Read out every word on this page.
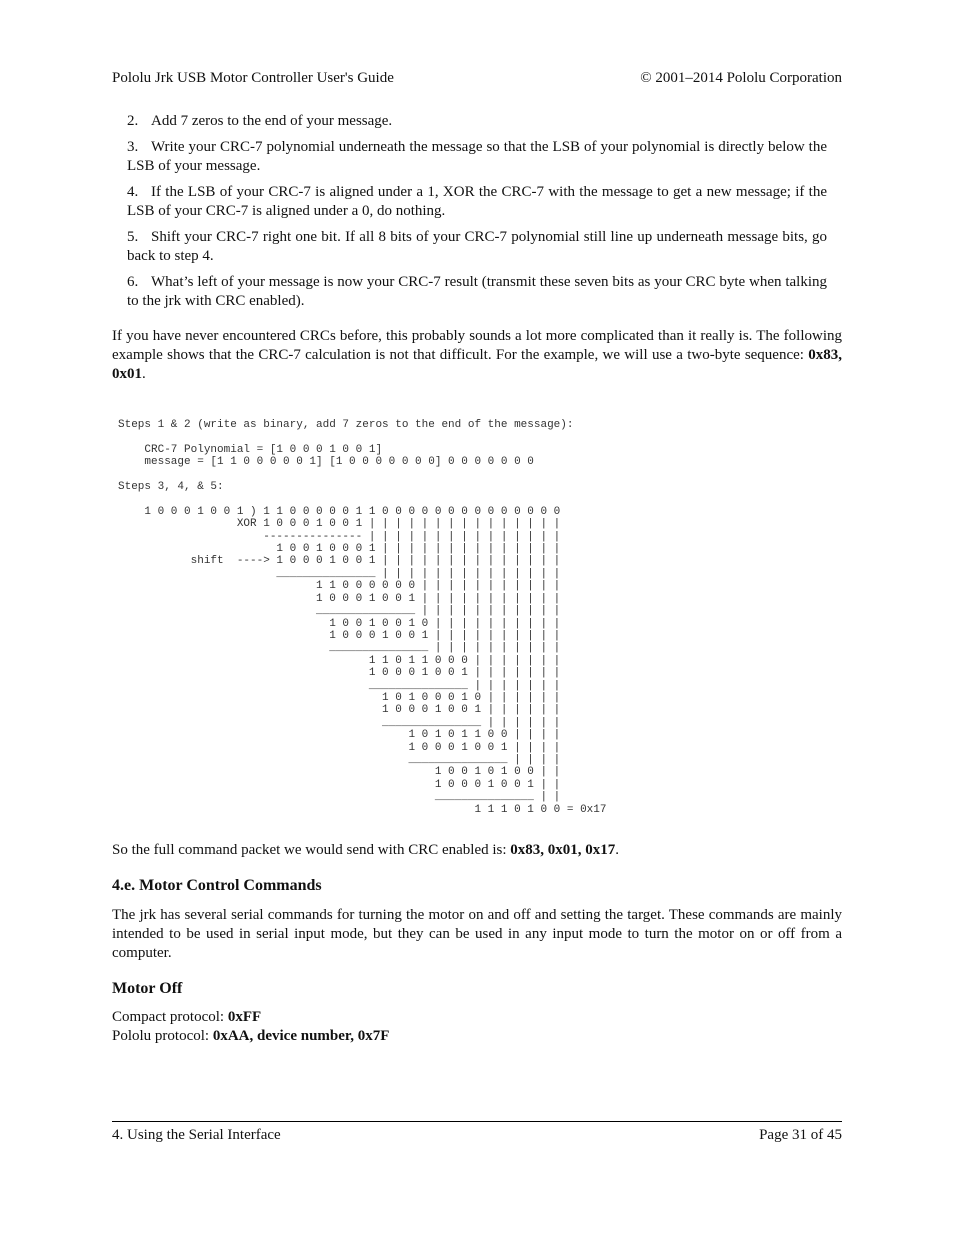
Pololu Jrk USB Motor Controller User's Guide	© 2001–2014 Pololu Corporation

2. Add 7 zeros to the end of your message.

3. Write your CRC-7 polynomial underneath the message so that the LSB of your polynomial is directly below the LSB of your message.

4. If the LSB of your CRC-7 is aligned under a 1, XOR the CRC-7 with the message to get a new message; if the LSB of your CRC-7 is aligned under a 0, do nothing.

5. Shift your CRC-7 right one bit. If all 8 bits of your CRC-7 polynomial still line up underneath message bits, go back to step 4.

6. What’s left of your message is now your CRC-7 result (transmit these seven bits as your CRC byte when talking to the jrk with CRC enabled).

If you have never encountered CRCs before, this probably sounds a lot more complicated than it really is. The following example shows that the CRC-7 calculation is not that difficult. For the example, we will use a two-byte sequence: 0x83, 0x01.

Steps 1 & 2 (write as binary, add 7 zeros to the end of the message):

CRC-7 Polynomial = [1 0 0 0 1 0 0 1]
message = [1 1 0 0 0 0 0 1] [1 0 0 0 0 0 0 0] 0 0 0 0 0 0 0

Steps 3, 4, & 5:

1 0 0 0 1 0 0 1 ) 1 1 0 0 0 0 0 1 1 0 0 0 0 0 0 0 0 0 0 0 0 0 0
XOR 1 0 0 0 1 0 0 1 | | | | | | | | | | | | | | |
--------------- | | | | | | | | | | | | | | |
1 0 0 1 0 0 0 1 | | | | | | | | | | | | | |
shift  ----> 1 0 0 0 1 0 0 1 | | | | | | | | | | | | | |
_______________ | | | | | | | | | | | | | |
1 1 0 0 0 0 0 0 | | | | | | | | | | |
1 0 0 0 1 0 0 1 | | | | | | | | | | |
_______________ | | | | | | | | | | |
1 0 0 1 0 0 1 0 | | | | | | | | | |
1 0 0 0 1 0 0 1 | | | | | | | | | |
_______________ | | | | | | | | | |
1 1 0 1 1 0 0 0 | | | | | | |
1 0 0 0 1 0 0 1 | | | | | | |
_______________ | | | | | | |
1 0 1 0 0 0 1 0 | | | | | |
1 0 0 0 1 0 0 1 | | | | | |
_______________ | | | | | |
1 0 1 0 1 1 0 0 | | | |
1 0 0 0 1 0 0 1 | | | |
_______________ | | | |
1 0 0 1 0 1 0 0 | |
1 0 0 0 1 0 0 1 | |
_______________ | |
1 1 1 0 1 0 0 = 0x17

So the full command packet we would send with CRC enabled is: 0x83, 0x01, 0x17.

4.e. Motor Control Commands

The jrk has several serial commands for turning the motor on and off and setting the target. These commands are mainly intended to be used in serial input mode, but they can be used in any input mode to turn the motor on or off from a computer.

Motor Off
Compact protocol: 0xFF
Pololu protocol: 0xAA, device number, 0x7F
4. Using the Serial Interface	Page 31 of 45
